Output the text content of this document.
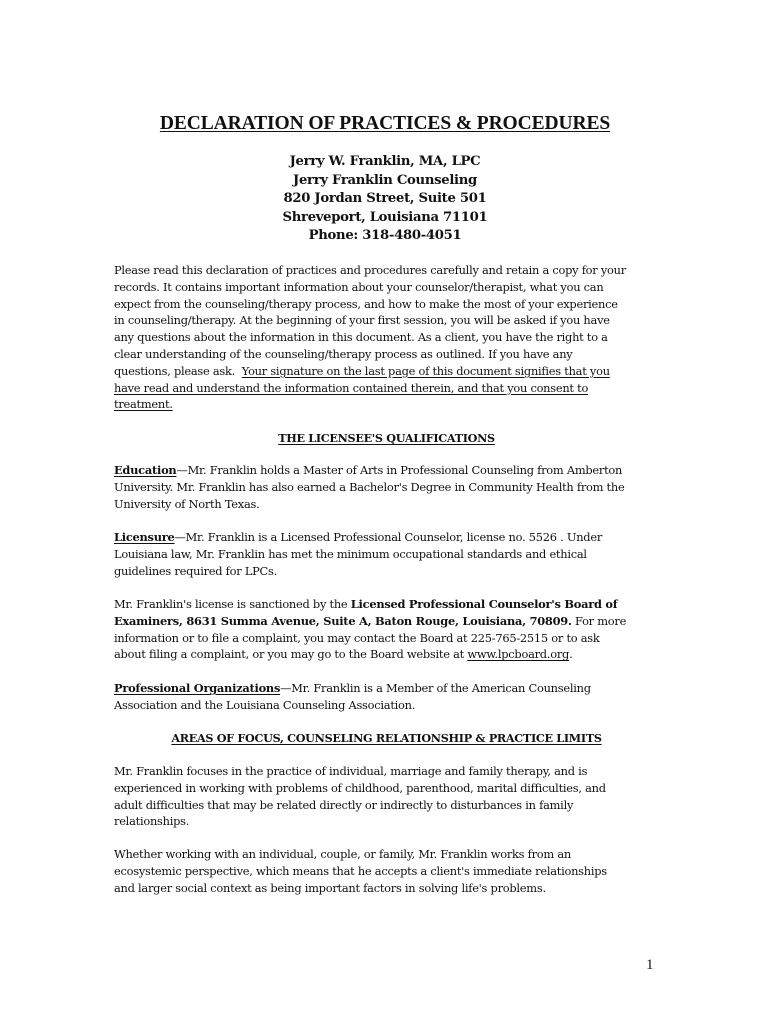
DECLARATION OF PRACTICES & PROCEDURES
Jerry W. Franklin, MA, LPC
Jerry Franklin Counseling
820 Jordan Street, Suite 501
Shreveport, Louisiana 71101
Phone: 318-480-4051
Please read this declaration of practices and procedures carefully and retain a copy for your
records. It contains important information about your counselor/therapist, what you can
expect from the counseling/therapy process, and how to make the most of your experience
in counseling/therapy. At the beginning of your first session, you will be asked if you have
any questions about the information in this document. As a client, you have the right to a
clear understanding of the counseling/therapy process as outlined. If you have any
questions, please ask.  Your signature on the last page of this document signifies that you
have read and understand the information contained therein, and that you consent to
treatment.
THE LICENSEE'S QUALIFICATIONS
Education—Mr. Franklin holds a Master of Arts in Professional Counseling from Amberton
University. Mr. Franklin has also earned a Bachelor's Degree in Community Health from the
University of North Texas.
Licensure—Mr. Franklin is a Licensed Professional Counselor, license no. 5526 . Under
Louisiana law, Mr. Franklin has met the minimum occupational standards and ethical
guidelines required for LPCs.
Mr. Franklin's license is sanctioned by the Licensed Professional Counselor's Board of
Examiners, 8631 Summa Avenue, Suite A, Baton Rouge, Louisiana, 70809. For more
information or to file a complaint, you may contact the Board at 225-765-2515 or to ask
about filing a complaint, or you may go to the Board website at www.lpcboard.org.
Professional Organizations—Mr. Franklin is a Member of the American Counseling
Association and the Louisiana Counseling Association.
AREAS OF FOCUS, COUNSELING RELATIONSHIP & PRACTICE LIMITS
Mr. Franklin focuses in the practice of individual, marriage and family therapy, and is
experienced in working with problems of childhood, parenthood, marital difficulties, and
adult difficulties that may be related directly or indirectly to disturbances in family
relationships.
Whether working with an individual, couple, or family, Mr. Franklin works from an
ecosystemic perspective, which means that he accepts a client's immediate relationships
and larger social context as being important factors in solving life's problems.
1
